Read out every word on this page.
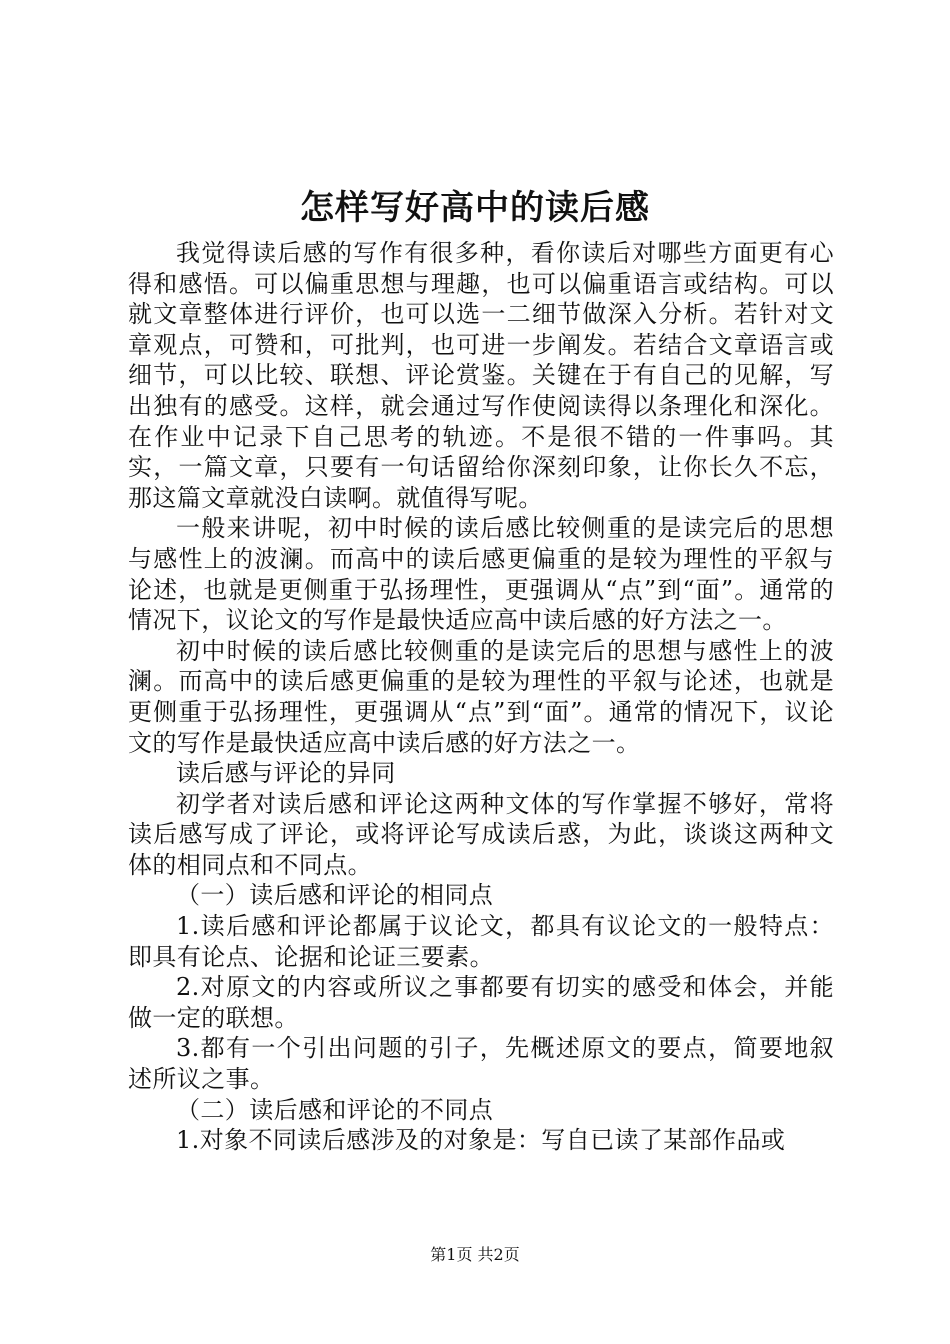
怎样写好高中的读后感

我觉得读后感的写作有很多种，看你读后对哪些方面更有心得和感悟。可以偏重思想与理趣，也可以偏重语言或结构。可以就文章整体进行评价，也可以选一二细节做深入分析。若针对文章观点，可赞和，可批判，也可进一步阐发。若结合文章语言或细节，可以比较、联想、评论赏鉴。关键在于有自己的见解，写出独有的感受。这样，就会通过写作使阅读得以条理化和深化。在作业中记录下自己思考的轨迹。不是很不错的一件事吗。其实，一篇文章，只要有一句话留给你深刻印象，让你长久不忘，那这篇文章就没白读啊。就值得写呢。

一般来讲呢，初中时候的读后感比较侧重的是读完后的思想与感性上的波澜。而高中的读后感更偏重的是较为理性的平叙与论述，也就是更侧重于弘扬理性，更强调从“点”到“面”。通常的情况下，议论文的写作是最快适应高中读后感的好方法之一。

初中时候的读后感比较侧重的是读完后的思想与感性上的波澜。而高中的读后感更偏重的是较为理性的平叙与论述，也就是更侧重于弘扬理性，更强调从“点”到“面”。通常的情况下，议论文的写作是最快适应高中读后感的好方法之一。

读后感与评论的异同

初学者对读后感和评论这两种文体的写作掌握不够好，常将读后感写成了评论，或将评论写成读后惑，为此，谈谈这两种文体的相同点和不同点。

（一）读后感和评论的相同点

1.读后感和评论都属于议论文，都具有议论文的一般特点：即具有论点、论据和论证三要素。

2.对原文的内容或所议之事都要有切实的感受和体会，并能做一定的联想。

3.都有一个引出问题的引子，先概述原文的要点，简要地叙述所议之事。

（二）读后感和评论的不同点

1.对象不同读后感涉及的对象是：写自已读了某部作品或

第1页 共2页
